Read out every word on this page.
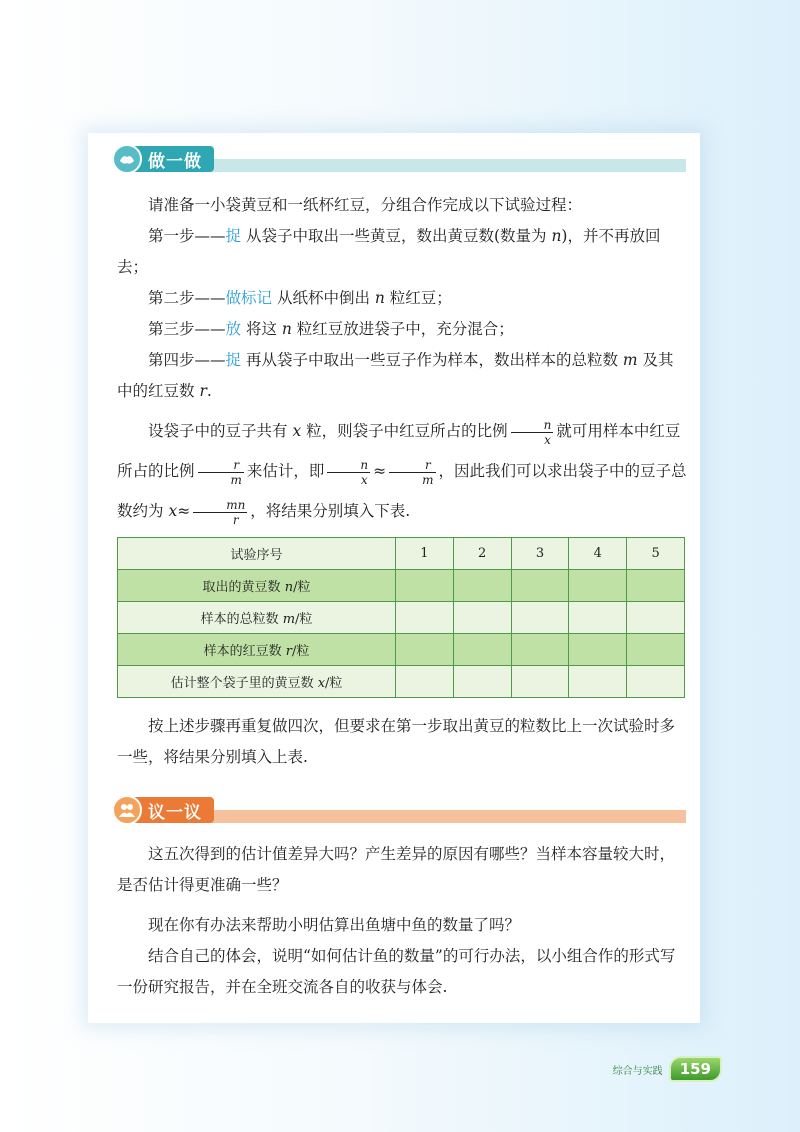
做一做

请准备一小袋黄豆和一纸杯红豆，分组合作完成以下试验过程：

第一步——捉 从袋子中取出一些黄豆，数出黄豆数(数量为 n)，并不再放回去；

第二步——做标记 从纸杯中倒出 n 粒红豆；

第三步——放 将这 n 粒红豆放进袋子中，充分混合；

第四步——捉 再从袋子中取出一些豆子作为样本，数出样本的总粒数 m 及其中的红豆数 r.

设袋子中的豆子共有 x 粒，则袋子中红豆所占的比例 $\frac{n}{x}$ 就可用样本中红豆所占的比例 $\frac{r}{m}$ 来估计，即 $\frac{n}{x} \approx \frac{r}{m}$ ，因此我们可以求出袋子中的豆子总数约为 $x\approx \frac{mn}{r}$ ，将结果分别填入下表.

试验序号	1	2	3	4	5
取出的黄豆数 n/粒					
样本的总粒数 m/粒					
样本的红豆数 r/粒					
估计整个袋子里的黄豆数 x/粒					

按上述步骤再重复做四次，但要求在第一步取出黄豆的粒数比上一次试验时多一些，将结果分别填入上表.

议一议

这五次得到的估计值差异大吗？产生差异的原因有哪些？当样本容量较大时，是否估计得更准确一些？

现在你有办法来帮助小明估算出鱼塘中鱼的数量了吗？

结合自己的体会，说明“如何估计鱼的数量”的可行办法，以小组合作的形式写一份研究报告，并在全班交流各自的收获与体会.

综合与实践	159
